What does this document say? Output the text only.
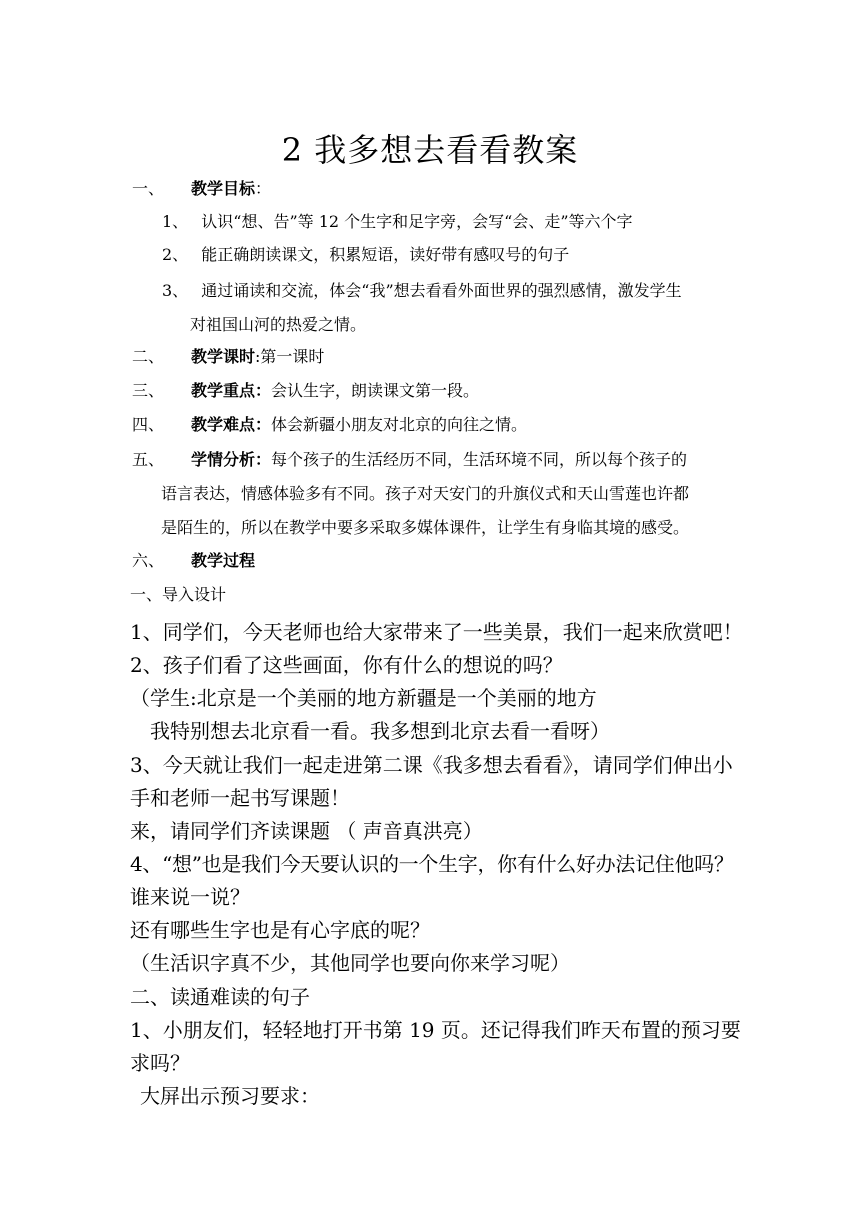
2 我多想去看看教案
一、 教学目标：
1、 认识“想、告”等 12 个生字和足字旁，会写“会、走”等六个字
2、 能正确朗读课文，积累短语，读好带有感叹号的句子
3、 通过诵读和交流，体会“我”想去看看外面世界的强烈感情，激发学生
对祖国山河的热爱之情。
二、 教学课时:第一课时
三、 教学重点：会认生字，朗读课文第一段。
四、 教学难点：体会新疆小朋友对北京的向往之情。
五、 学情分析：每个孩子的生活经历不同，生活环境不同，所以每个孩子的
语言表达，情感体验多有不同。孩子对天安门的升旗仪式和天山雪莲也许都
是陌生的，所以在教学中要多采取多媒体课件，让学生有身临其境的感受。
六、 教学过程
一、导入设计
1、同学们，今天老师也给大家带来了一些美景，我们一起来欣赏吧！
2、孩子们看了这些画面，你有什么的想说的吗？
（学生:北京是一个美丽的地方新疆是一个美丽的地方
我特别想去北京看一看。我多想到北京去看一看呀）
3、今天就让我们一起走进第二课《我多想去看看》，请同学们伸出小
手和老师一起书写课题！
来，请同学们齐读课题 （ 声音真洪亮）
4、“想”也是我们今天要认识的一个生字，你有什么好办法记住他吗？
谁来说一说？
还有哪些生字也是有心字底的呢？
（生活识字真不少，其他同学也要向你来学习呢）
二、读通难读的句子
1、小朋友们，轻轻地打开书第 19 页。还记得我们昨天布置的预习要
求吗？
大屏出示预习要求：
